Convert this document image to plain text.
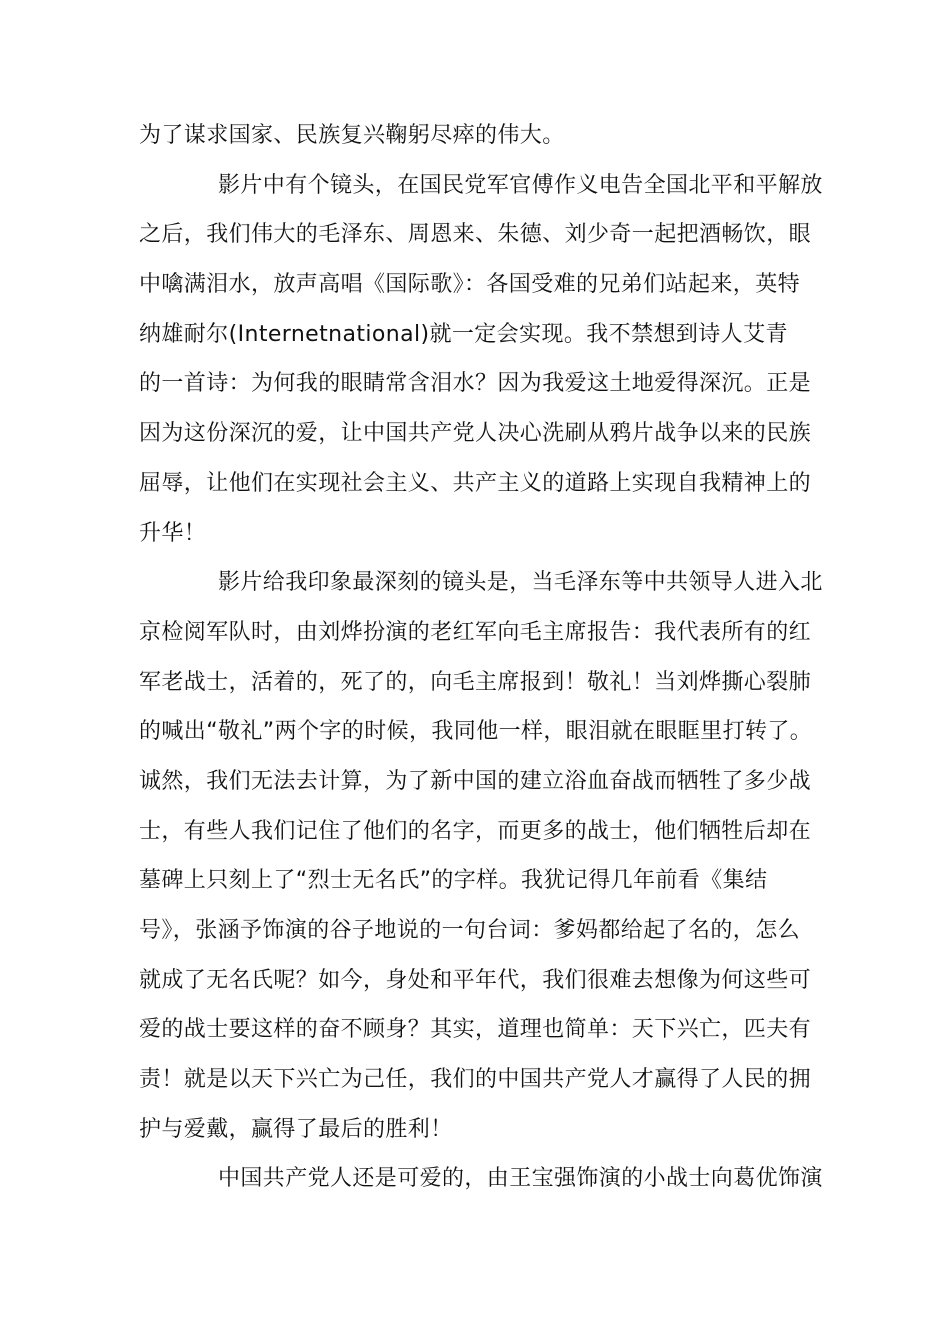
为了谋求国家、民族复兴鞠躬尽瘁的伟大。
影片中有个镜头，在国民党军官傅作义电告全国北平和平解放
之后，我们伟大的毛泽东、周恩来、朱德、刘少奇一起把酒畅饮，眼
中噙满泪水，放声高唱《国际歌》：各国受难的兄弟们站起来，英特
纳雄耐尔(Internetnational)就一定会实现。我不禁想到诗人艾青
的一首诗：为何我的眼睛常含泪水？因为我爱这土地爱得深沉。正是
因为这份深沉的爱，让中国共产党人决心洗刷从鸦片战争以来的民族
屈辱，让他们在实现社会主义、共产主义的道路上实现自我精神上的
升华！
影片给我印象最深刻的镜头是，当毛泽东等中共领导人进入北
京检阅军队时，由刘烨扮演的老红军向毛主席报告：我代表所有的红
军老战士，活着的，死了的，向毛主席报到！敬礼！当刘烨撕心裂肺
的喊出“敬礼”两个字的时候，我同他一样，眼泪就在眼眶里打转了。
诚然，我们无法去计算，为了新中国的建立浴血奋战而牺牲了多少战
士，有些人我们记住了他们的名字，而更多的战士，他们牺牲后却在
墓碑上只刻上了“烈士无名氏”的字样。我犹记得几年前看《集结
号》，张涵予饰演的谷子地说的一句台词：爹妈都给起了名的，怎么
就成了无名氏呢？如今，身处和平年代，我们很难去想像为何这些可
爱的战士要这样的奋不顾身？其实，道理也简单：天下兴亡，匹夫有
责！就是以天下兴亡为己任，我们的中国共产党人才赢得了人民的拥
护与爱戴，赢得了最后的胜利！
中国共产党人还是可爱的，由王宝强饰演的小战士向葛优饰演
